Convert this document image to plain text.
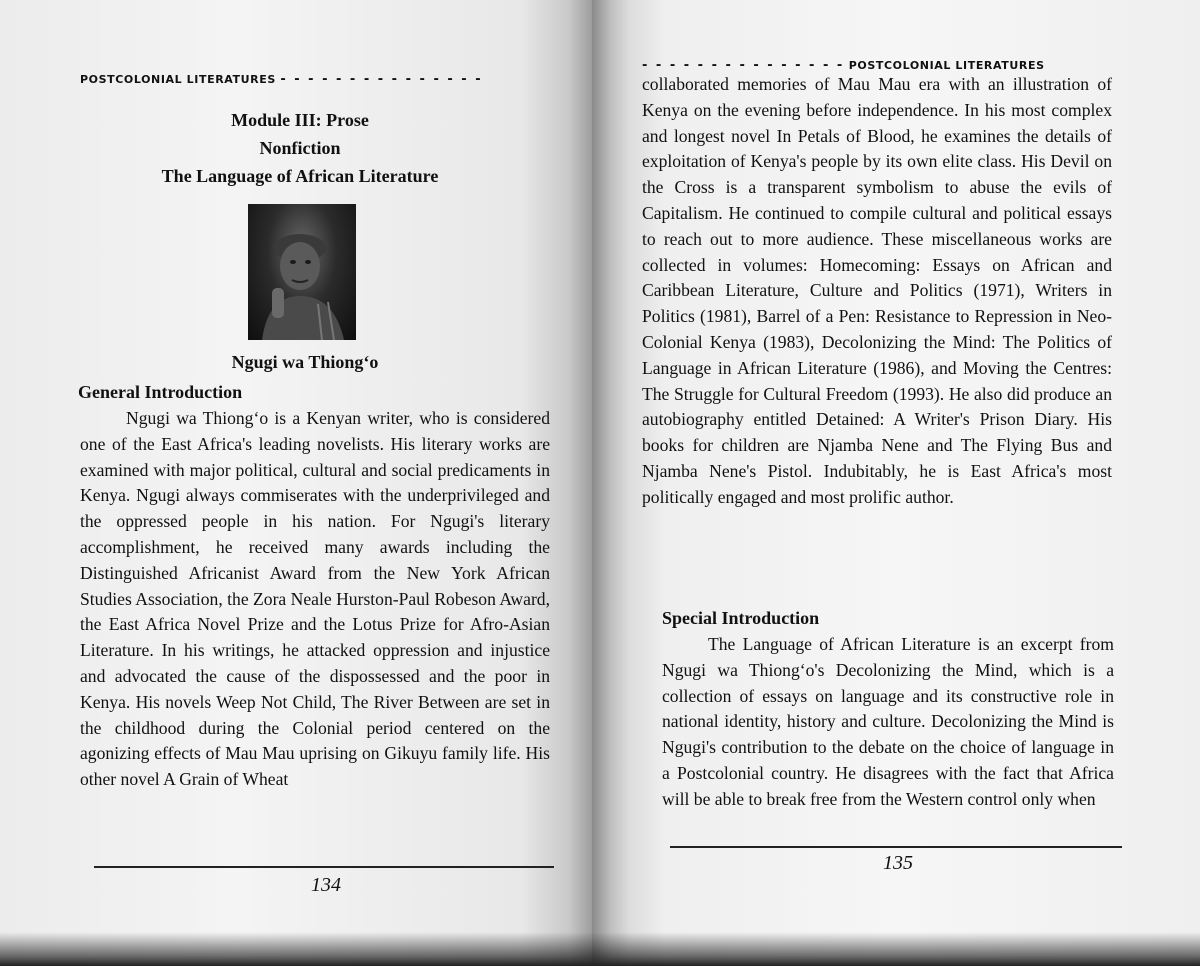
POSTCOLONIAL LITERATURES - - - - - - - - - - - - - - -
Module III: Prose
Nonfiction
The Language of African Literature
Ngugi wa Thiong‘o
General Introduction

Ngugi wa Thiong‘o is a Kenyan writer, who is considered one of the East Africa's leading novelists. His literary works are examined with major political, cultural and social predicaments in Kenya. Ngugi always commiserates with the underprivileged and the oppressed people in his nation. For Ngugi's literary accomplishment, he received many awards including the Distinguished Africanist Award from the New York African Studies Association, the Zora Neale Hurston-Paul Robeson Award, the East Africa Novel Prize and the Lotus Prize for Afro-Asian Literature. In his writings, he attacked oppression and injustice and advocated the cause of the dispossessed and the poor in Kenya. His novels Weep Not Child, The River Between are set in the childhood during the Colonial period centered on the agonizing effects of Mau Mau uprising on Gikuyu family life. His other novel A Grain of Wheat

134
- - - - - - - - - - - - - - - POSTCOLONIAL LITERATURES

collaborated memories of Mau Mau era with an illustration of Kenya on the evening before independence. In his most complex and longest novel In Petals of Blood, he examines the details of exploitation of Kenya's people by its own elite class. His Devil on the Cross is a transparent symbolism to abuse the evils of Capitalism. He continued to compile cultural and political essays to reach out to more audience. These miscellaneous works are collected in volumes: Homecoming: Essays on African and Caribbean Literature, Culture and Politics (1971), Writers in Politics (1981), Barrel of a Pen: Resistance to Repression in Neo-Colonial Kenya (1983), Decolonizing the Mind: The Politics of Language in African Literature (1986), and Moving the Centres: The Struggle for Cultural Freedom (1993). He also did produce an autobiography entitled Detained: A Writer's Prison Diary. His books for children are Njamba Nene and The Flying Bus and Njamba Nene's Pistol. Indubitably, he is East Africa's most politically engaged and most prolific author.

Special Introduction

The Language of African Literature is an excerpt from Ngugi wa Thiong‘o's Decolonizing the Mind, which is a collection of essays on language and its constructive role in national identity, history and culture. Decolonizing the Mind is Ngugi's contribution to the debate on the choice of language in a Postcolonial country. He disagrees with the fact that Africa will be able to break free from the Western control only when

135
